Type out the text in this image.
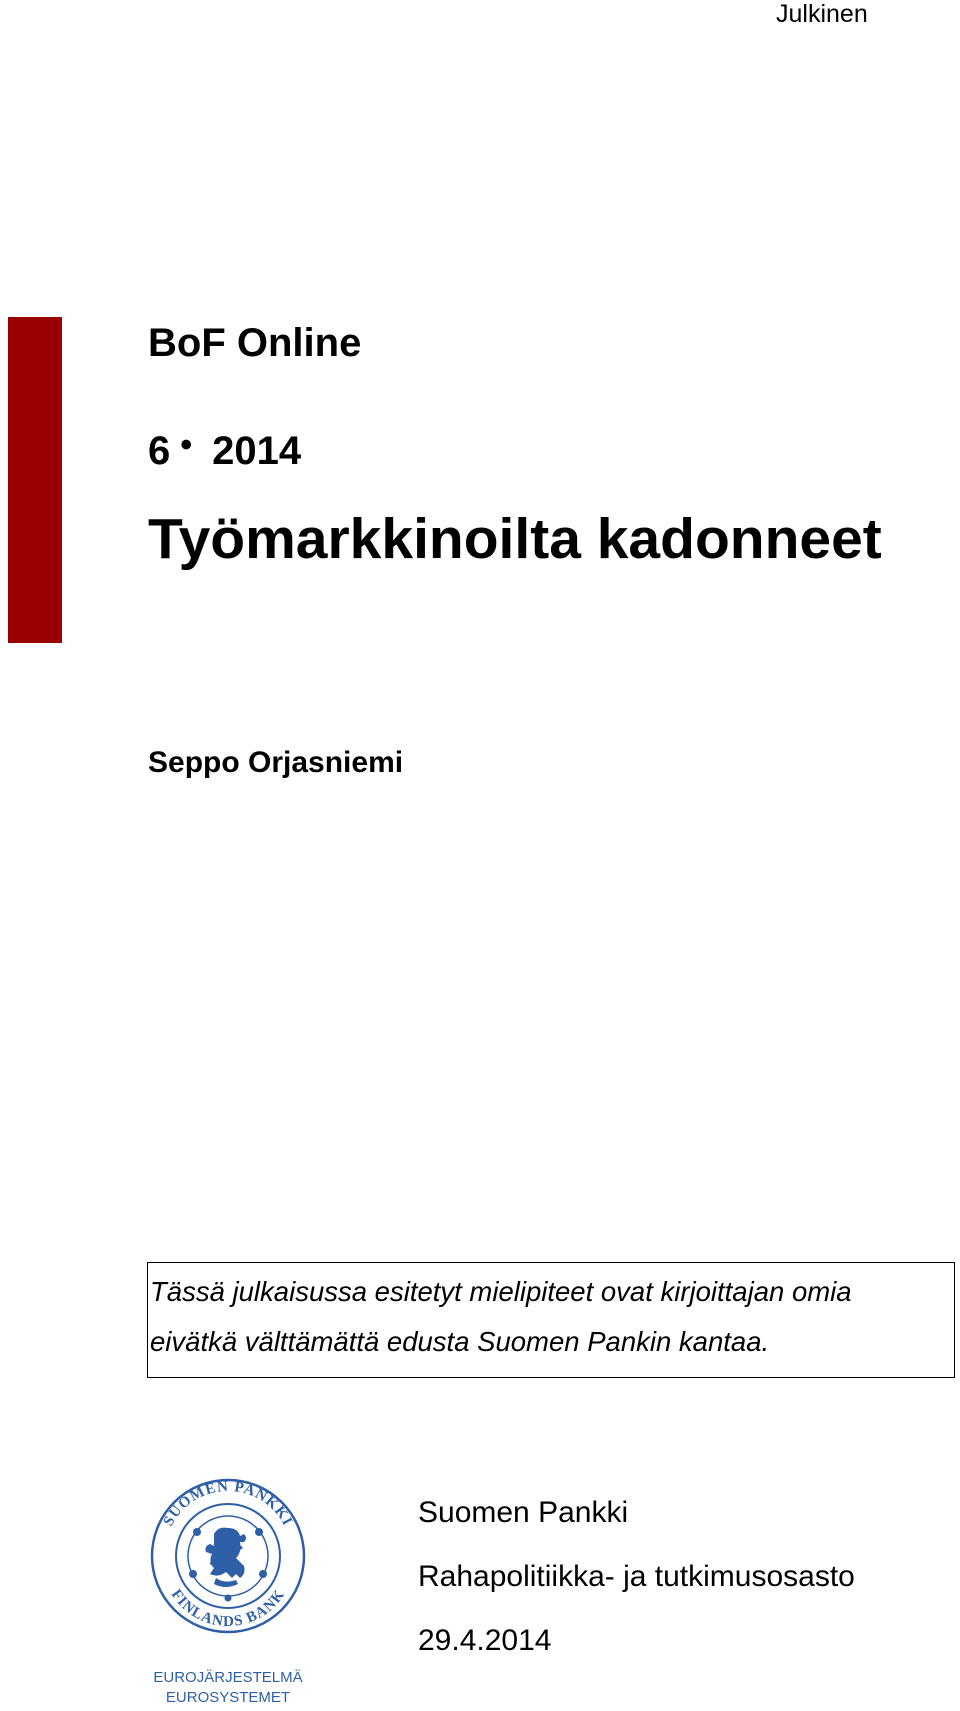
Julkinen
BoF Online
6 • 2014
Työmarkkinoilta kadonneet
Seppo Orjasniemi

Tässä julkaisussa esitetyt mielipiteet ovat kirjoittajan omia

eivätkä välttämättä edusta Suomen Pankin kantaa.

SUOMEN PANKKI
FINLANDS BANK
EUROJÄRJESTELMÄ
EUROSYSTEMET
Suomen Pankki
Rahapolitiikka- ja tutkimusosasto
29.4.2014
